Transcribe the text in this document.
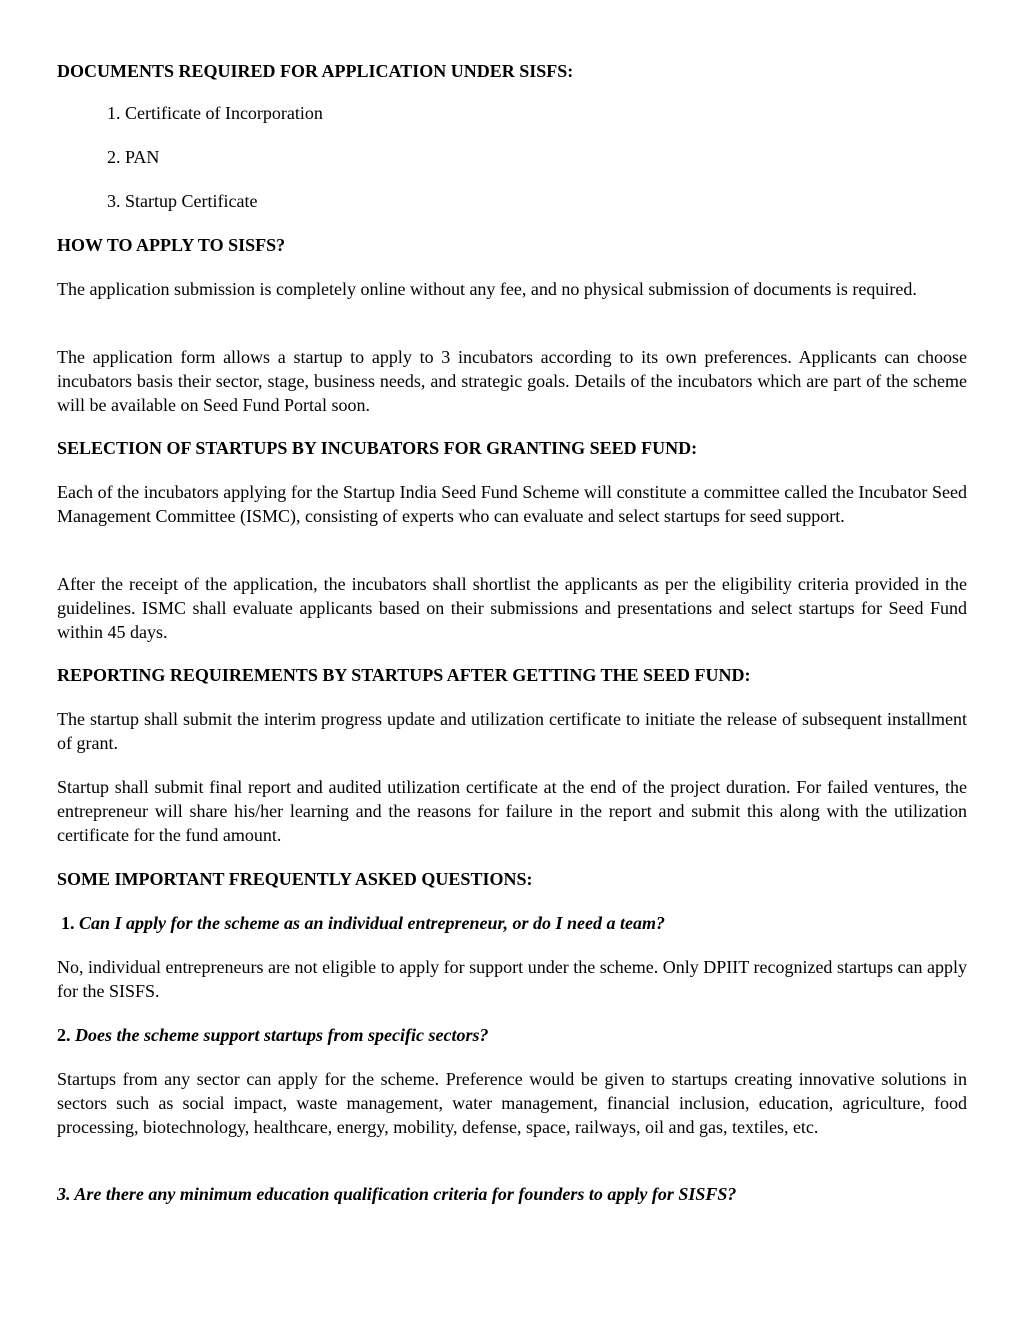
DOCUMENTS REQUIRED FOR APPLICATION UNDER SISFS:
1. Certificate of Incorporation
2. PAN
3. Startup Certificate
HOW TO APPLY TO SISFS?
The application submission is completely online without any fee, and no physical submission of documents is required.
The application form allows a startup to apply to 3 incubators according to its own preferences. Applicants can choose incubators basis their sector, stage, business needs, and strategic goals. Details of the incubators which are part of the scheme will be available on Seed Fund Portal soon.
SELECTION OF STARTUPS BY INCUBATORS FOR GRANTING SEED FUND:
Each of the incubators applying for the Startup India Seed Fund Scheme will constitute a committee called the Incubator Seed Management Committee (ISMC), consisting of experts who can evaluate and select startups for seed support.
After the receipt of the application, the incubators shall shortlist the applicants as per the eligibility criteria provided in the guidelines. ISMC shall evaluate applicants based on their submissions and presentations and select startups for Seed Fund within 45 days.
REPORTING REQUIREMENTS BY STARTUPS AFTER GETTING THE SEED FUND:
The startup shall submit the interim progress update and utilization certificate to initiate the release of subsequent installment of grant.
Startup shall submit final report and audited utilization certificate at the end of the project duration. For failed ventures, the entrepreneur will share his/her learning and the reasons for failure in the report and submit this along with the utilization certificate for the fund amount.
SOME IMPORTANT FREQUENTLY ASKED QUESTIONS:
1. Can I apply for the scheme as an individual entrepreneur, or do I need a team?
No, individual entrepreneurs are not eligible to apply for support under the scheme. Only DPIIT recognized startups can apply for the SISFS.
2. Does the scheme support startups from specific sectors?
Startups from any sector can apply for the scheme. Preference would be given to startups creating innovative solutions in sectors such as social impact, waste management, water management, financial inclusion, education, agriculture, food processing, biotechnology, healthcare, energy, mobility, defense, space, railways, oil and gas, textiles, etc.
3. Are there any minimum education qualification criteria for founders to apply for SISFS?
